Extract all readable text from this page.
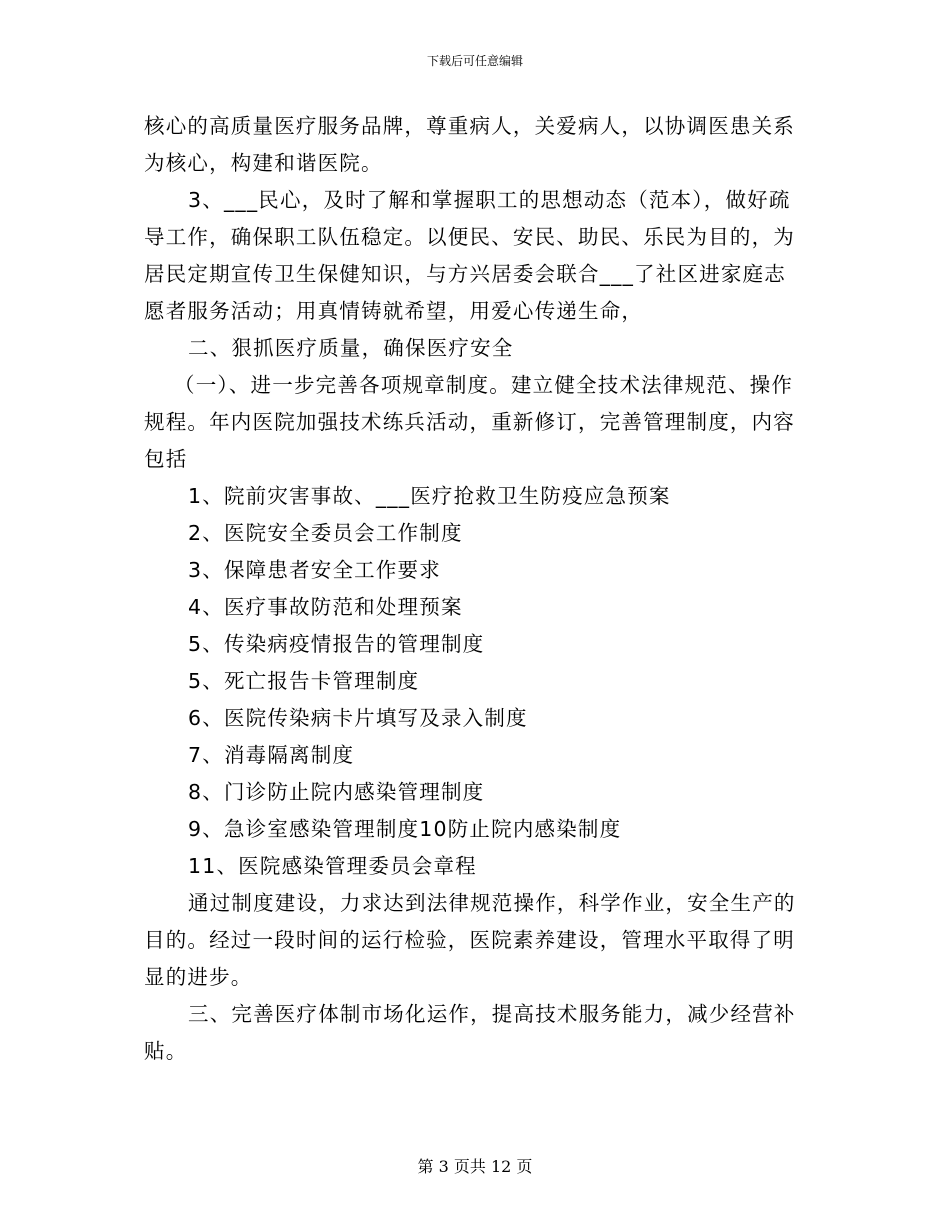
下载后可任意编辑

核心的高质量医疗服务品牌，尊重病人，关爱病人，以协调医患关系为核心，构建和谐医院。

3、___民心，及时了解和掌握职工的思想动态（范本），做好疏导工作，确保职工队伍稳定。以便民、安民、助民、乐民为目的，为居民定期宣传卫生保健知识，与方兴居委会联合___了社区进家庭志愿者服务活动；用真情铸就希望，用爱心传递生命，

二、狠抓医疗质量，确保医疗安全

（一）、进一步完善各项规章制度。建立健全技术法律规范、操作规程。年内医院加强技术练兵活动，重新修订，完善管理制度，内容包括

1、院前灾害事故、___医疗抢救卫生防疫应急预案

2、医院安全委员会工作制度

3、保障患者安全工作要求

4、医疗事故防范和处理预案

5、传染病疫情报告的管理制度

5、死亡报告卡管理制度

6、医院传染病卡片填写及录入制度

7、消毒隔离制度

8、门诊防止院内感染管理制度

9、急诊室感染管理制度10防止院内感染制度

11、医院感染管理委员会章程

通过制度建设，力求达到法律规范操作，科学作业，安全生产的目的。经过一段时间的运行检验，医院素养建设，管理水平取得了明显的进步。

三、完善医疗体制市场化运作，提高技术服务能力，减少经营补贴。

第 3 页共 12 页
